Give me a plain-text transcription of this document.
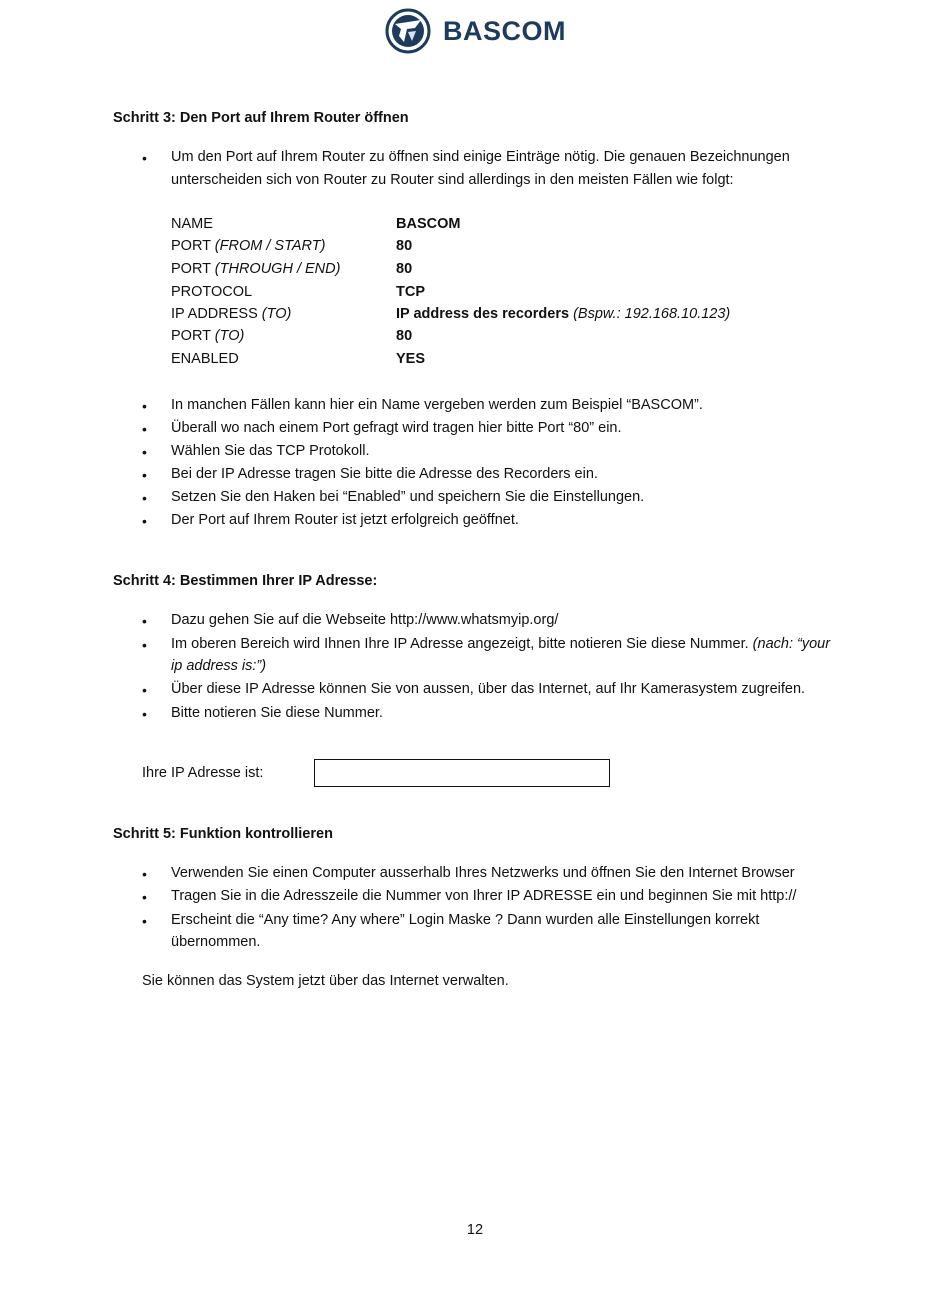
BASCOM
Schritt 3: Den Port auf Ihrem Router öffnen
• Um den Port auf Ihrem Router zu öffnen sind einige Einträge nötig. Die genauen Bezeichnungen
unterscheiden sich von Router zu Router sind allerdings in den meisten Fällen wie folgt:
NAME	BASCOM
PORT (FROM / START)	80
PORT (THROUGH / END)	80
PROTOCOL	TCP
IP ADDRESS (TO)	IP address des recorders (Bspw.: 192.168.10.123)
PORT (TO)	80
ENABLED	YES
• In manchen Fällen kann hier ein Name vergeben werden zum Beispiel “BASCOM”.
• Überall wo nach einem Port gefragt wird tragen hier bitte Port “80” ein.
• Wählen Sie das TCP Protokoll.
• Bei der IP Adresse tragen Sie bitte die Adresse des Recorders ein.
• Setzen Sie den Haken bei “Enabled” und speichern Sie die Einstellungen.
• Der Port auf Ihrem Router ist jetzt erfolgreich geöffnet.
Schritt 4: Bestimmen Ihrer IP Adresse:
• Dazu gehen Sie auf die Webseite http://www.whatsmyip.org/
• Im oberen Bereich wird Ihnen Ihre IP Adresse angezeigt, bitte notieren Sie diese Nummer. (nach: “your
ip address is:”)
• Über diese IP Adresse können Sie von aussen, über das Internet, auf Ihr Kamerasystem zugreifen.
• Bitte notieren Sie diese Nummer.
Ihre IP Adresse ist:
Schritt 5: Funktion kontrollieren
• Verwenden Sie einen Computer ausserhalb Ihres Netzwerks und öffnen Sie den Internet Browser
• Tragen Sie in die Adresszeile die Nummer von Ihrer IP ADRESSE ein und beginnen Sie mit http://
• Erscheint die “Any time? Any where” Login Maske ? Dann wurden alle Einstellungen korrekt
übernommen.
Sie können das System jetzt über das Internet verwalten.
12
